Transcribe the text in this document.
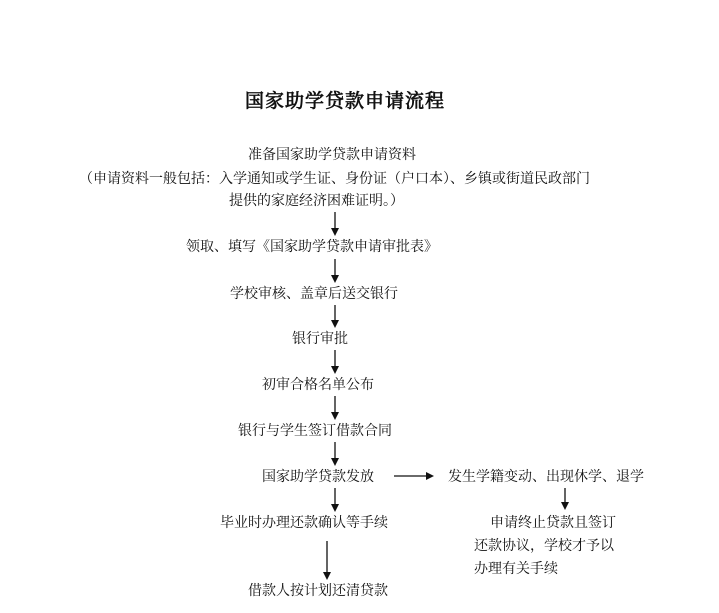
国家助学贷款申请流程
准备国家助学贷款申请资料
（申请资料一般包括：入学通知或学生证、身份证（户口本）、乡镇或街道民政部门
提供的家庭经济困难证明。）
领取、填写《国家助学贷款申请审批表》
学校审核、盖章后送交银行
银行审批
初审合格名单公布
银行与学生签订借款合同
国家助学贷款发放
毕业时办理还款确认等手续
借款人按计划还清贷款
发生学籍变动、出现休学、退学
申请终止贷款且签订
还款协议，学校才予以
办理有关手续
